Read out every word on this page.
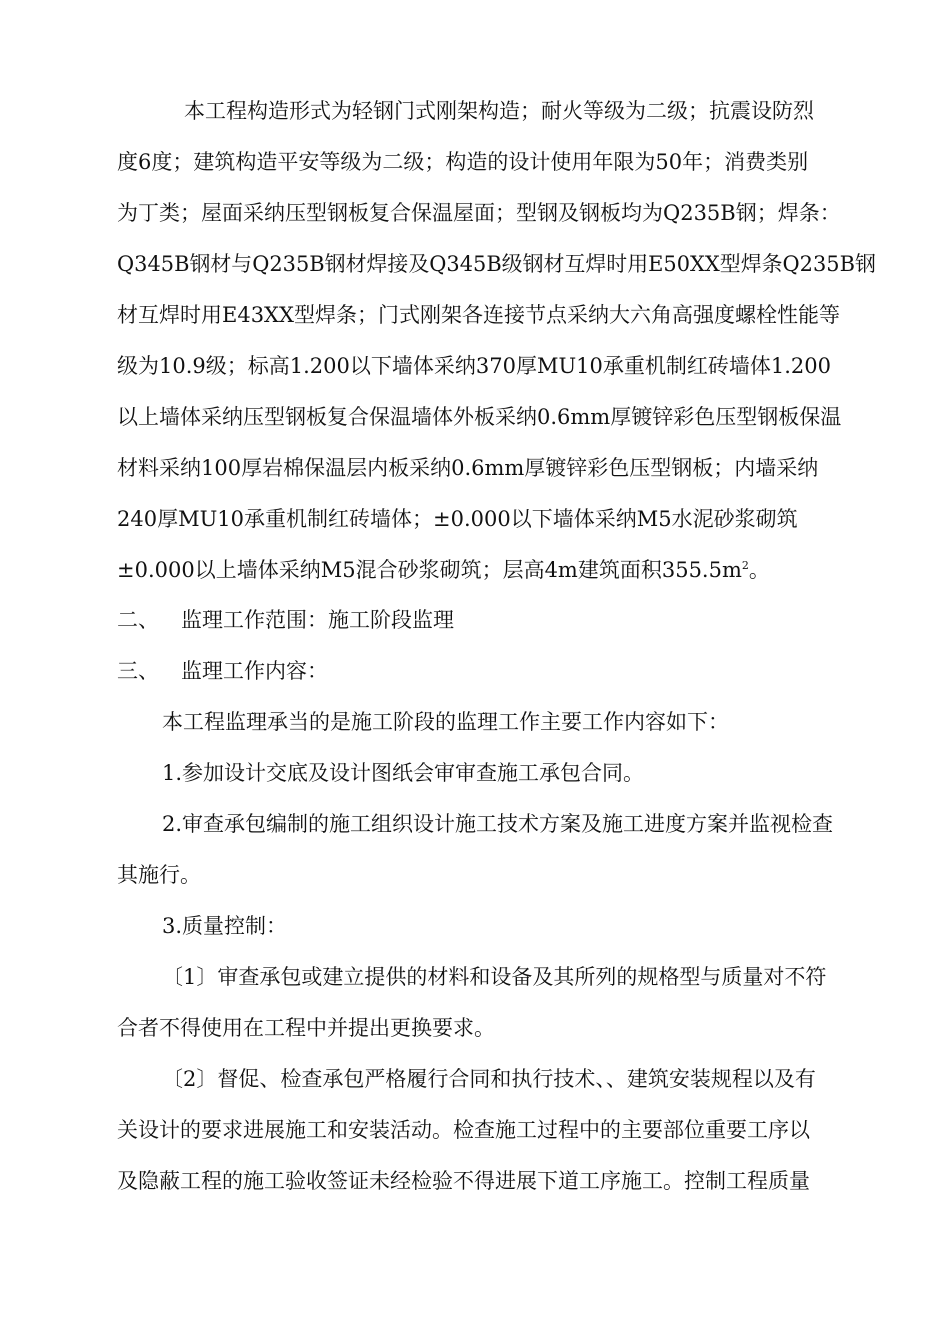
本工程构造形式为轻钢门式刚架构造；耐火等级为二级；抗震设防烈
度6度；建筑构造平安等级为二级；构造的设计使用年限为50年；消费类别
为丁类；屋面采纳压型钢板复合保温屋面；型钢及钢板均为Q235B钢；焊条：
Q345B钢材与Q235B钢材焊接及Q345B级钢材互焊时用E50XX型焊条Q235B钢
材互焊时用E43XX型焊条；门式刚架各连接节点采纳大六角高强度螺栓性能等
级为10.9级；标高1.200以下墙体采纳370厚MU10承重机制红砖墙体1.200
以上墙体采纳压型钢板复合保温墙体外板采纳0.6mm厚镀锌彩色压型钢板保温
材料采纳100厚岩棉保温层内板采纳0.6mm厚镀锌彩色压型钢板；内墙采纳
240厚MU10承重机制红砖墙体；±0.000以下墙体采纳M5水泥砂浆砌筑
±0.000以上墙体采纳M5混合砂浆砌筑；层高4m建筑面积$355.5m^2$。
二、 监理工作范围：施工阶段监理
三、 监理工作内容：
本工程监理承当的是施工阶段的监理工作主要工作内容如下：
1.参加设计交底及设计图纸会审审查施工承包合同。
2.审查承包编制的施工组织设计施工技术方案及施工进度方案并监视检查
其施行。
3.质量控制：
〔1〕审查承包或建立提供的材料和设备及其所列的规格型与质量对不符
合者不得使用在工程中并提出更换要求。
〔2〕督促、检查承包严格履行合同和执行技术、、建筑安装规程以及有
关设计的要求进展施工和安装活动。检查施工过程中的主要部位重要工序以
及隐蔽工程的施工验收签证未经检验不得进展下道工序施工。控制工程质量
